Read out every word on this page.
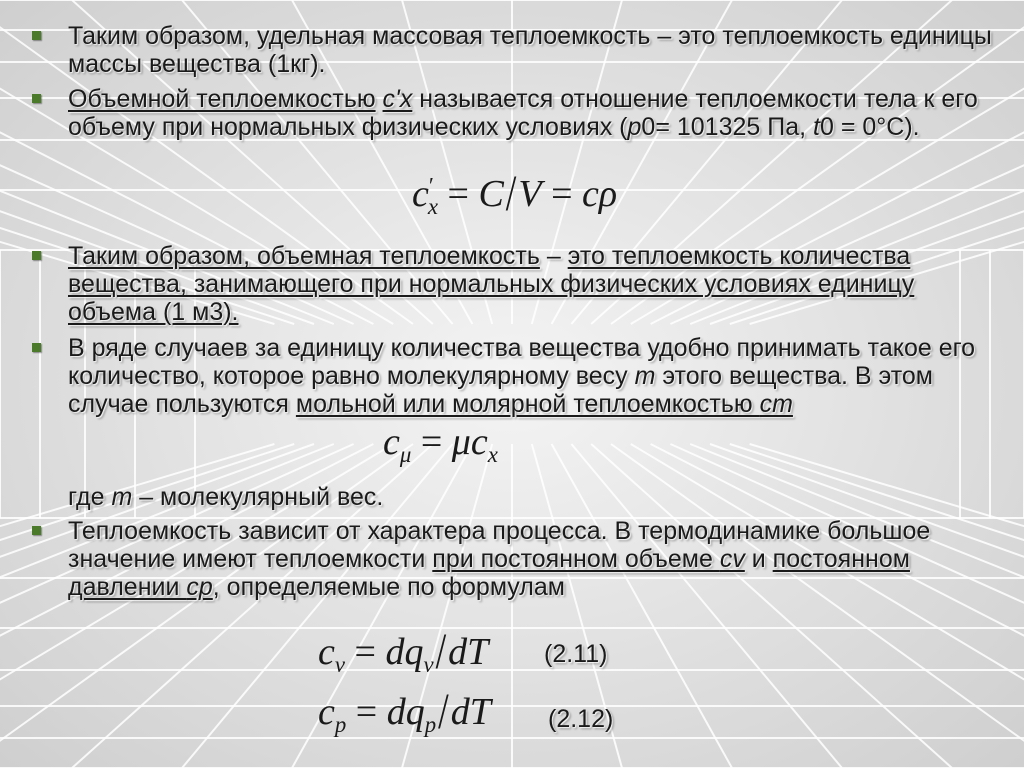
Таким образом, удельная массовая теплоемкость – это теплоемкость единицы массы вещества (1кг).
Объемной теплоемкостью c'x называется отношение теплоемкости тела к его объему при нормальных физических условиях (p0= 101325 Па, t0 = 0°C).
$c'_x = C/V = c\rho$
Таким образом, объемная теплоемкость – это теплоемкость количества вещества, занимающего при нормальных физических условиях единицу объема (1 м3).
В ряде случаев за единицу количества вещества удобно принимать такое его количество, которое равно молекулярному весу m этого вещества. В этом случае пользуются мольной или молярной теплоемкостью cm
$c_\mu = \mu c_x$
где m – молекулярный вес.
Теплоемкость зависит от характера процесса. В термодинамике большое значение имеют теплоемкости при постоянном объеме cv и постоянном давлении cp, определяемые по формулам
$c_v = dq_v/dT$ (2.11)
$c_p = dq_p/dT$ (2.12)
